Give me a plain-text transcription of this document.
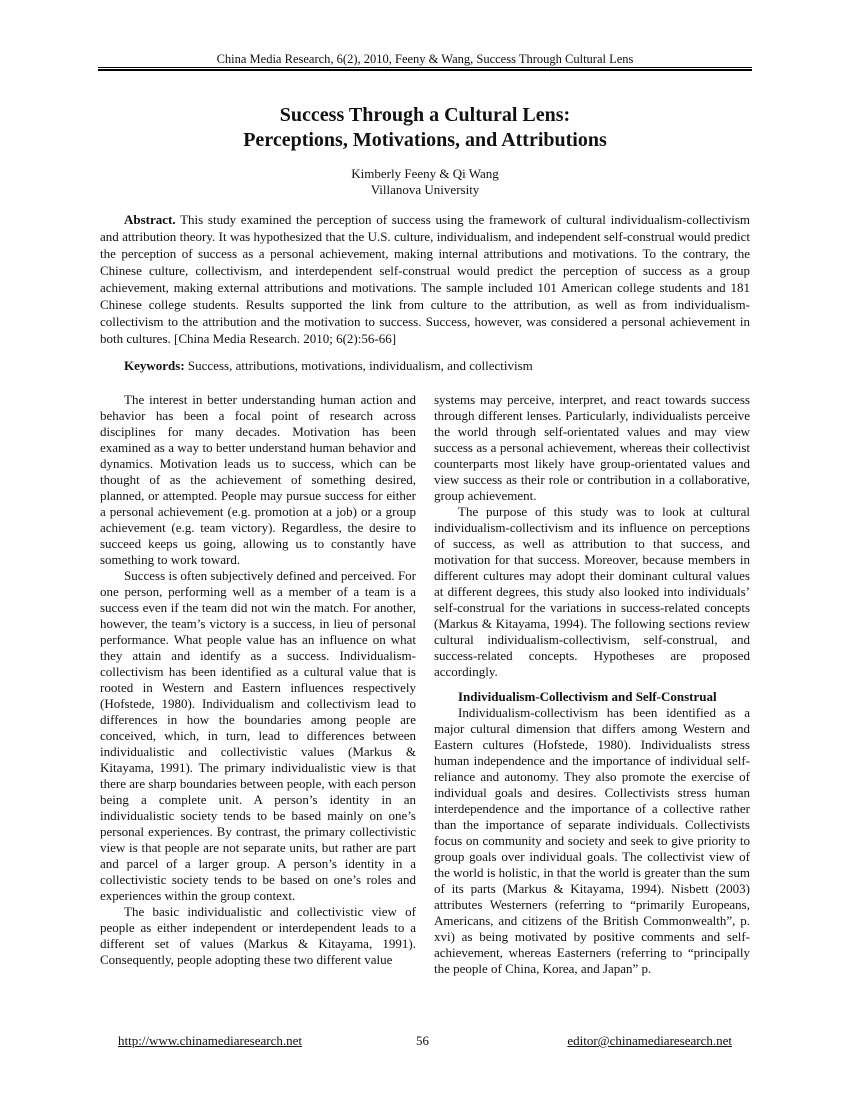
China Media Research, 6(2), 2010, Feeny & Wang, Success Through Cultural Lens
Success Through a Cultural Lens:
Perceptions, Motivations, and Attributions
Kimberly Feeny & Qi Wang
Villanova University

Abstract. This study examined the perception of success using the framework of cultural individualism-collectivism and attribution theory. It was hypothesized that the U.S. culture, individualism, and independent self-construal would predict the perception of success as a personal achievement, making internal attributions and motivations. To the contrary, the Chinese culture, collectivism, and interdependent self-construal would predict the perception of success as a group achievement, making external attributions and motivations. The sample included 101 American college students and 181 Chinese college students. Results supported the link from culture to the attribution, as well as from individualism-collectivism to the attribution and the motivation to success. Success, however, was considered a personal achievement in both cultures. [China Media Research. 2010; 6(2):56-66]

Keywords: Success, attributions, motivations, individualism, and collectivism

The interest in better understanding human action and behavior has been a focal point of research across disciplines for many decades. Motivation has been examined as a way to better understand human behavior and dynamics. Motivation leads us to success, which can be thought of as the achievement of something desired, planned, or attempted. People may pursue success for either a personal achievement (e.g. promotion at a job) or a group achievement (e.g. team victory). Regardless, the desire to succeed keeps us going, allowing us to constantly have something to work toward.

Success is often subjectively defined and perceived. For one person, performing well as a member of a team is a success even if the team did not win the match. For another, however, the team’s victory is a success, in lieu of personal performance. What people value has an influence on what they attain and identify as a success. Individualism-collectivism has been identified as a cultural value that is rooted in Western and Eastern influences respectively (Hofstede, 1980). Individualism and collectivism lead to differences in how the boundaries among people are conceived, which, in turn, lead to differences between individualistic and collectivistic values (Markus & Kitayama, 1991). The primary individualistic view is that there are sharp boundaries between people, with each person being a complete unit. A person’s identity in an individualistic society tends to be based mainly on one’s personal experiences. By contrast, the primary collectivistic view is that people are not separate units, but rather are part and parcel of a larger group. A person’s identity in a collectivistic society tends to be based on one’s roles and experiences within the group context.

The basic individualistic and collectivistic view of people as either independent or interdependent leads to a different set of values (Markus & Kitayama, 1991). Consequently, people adopting these two different value

systems may perceive, interpret, and react towards success through different lenses. Particularly, individualists perceive the world through self-orientated values and may view success as a personal achievement, whereas their collectivist counterparts most likely have group-orientated values and view success as their role or contribution in a collaborative, group achievement.

The purpose of this study was to look at cultural individualism-collectivism and its influence on perceptions of success, as well as attribution to that success, and motivation for that success. Moreover, because members in different cultures may adopt their dominant cultural values at different degrees, this study also looked into individuals’ self-construal for the variations in success-related concepts (Markus & Kitayama, 1994). The following sections review cultural individualism-collectivism, self-construal, and success-related concepts. Hypotheses are proposed accordingly.

Individualism-Collectivism and Self-Construal

Individualism-collectivism has been identified as a major cultural dimension that differs among Western and Eastern cultures (Hofstede, 1980). Individualists stress human independence and the importance of individual self-reliance and autonomy. They also promote the exercise of individual goals and desires. Collectivists stress human interdependence and the importance of a collective rather than the importance of separate individuals. Collectivists focus on community and society and seek to give priority to group goals over individual goals. The collectivist view of the world is holistic, in that the world is greater than the sum of its parts (Markus & Kitayama, 1994). Nisbett (2003) attributes Westerners (referring to “primarily Europeans, Americans, and citizens of the British Commonwealth”, p. xvi) as being motivated by positive comments and self-achievement, whereas Easterners (referring to “principally the people of China, Korea, and Japan” p.

http://www.chinamediaresearch.net	56	editor@chinamediaresearch.net
